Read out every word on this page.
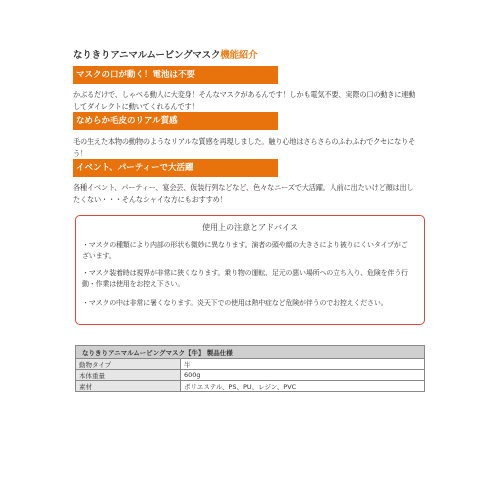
なりきりアニマルムービングマスク機能紹介
マスクの口が動く！電池は不要
かぶるだけで、しゃべる動人に大変身！そんなマスクがあるんです！しかも電気不要、実際の口の動きに連動
してダイレクトに動いてくれるんです！
なめらか毛皮のリアル質感
毛の生えた本物の動物のようなリアルな質感を再現しました。触り心地はさらさらのふわふわでクセになりそう！
イベント、パーティーで大活躍
各種イベント、パーティー、宴会芸、仮装行列などなど、色々なニーズで大活躍。人前に出たいけど顔は出し
たくない・・・そんなシャイな方にもおすすめ！
使用上の注意とアドバイス
・マスクの種類により内部の形状も微妙に異なります。演者の頭や顔の大きさにより被りにくいタイプがご
ざいます。
・マスク装着時は視界が非常に狭くなります。乗り物の運転、足元の悪い場所への立ち入り、危険を伴う行
動・作業は使用をお控え下さい。
・マスクの中は非常に暑くなります。炎天下での使用は熱中症など危険が伴うのでお控えください。
なりきりアニマルムービングマスク【牛】 製品仕様	
動物タイプ	牛
本体重量	600g
素材	ポリエステル、PS、PU、レジン、PVC
